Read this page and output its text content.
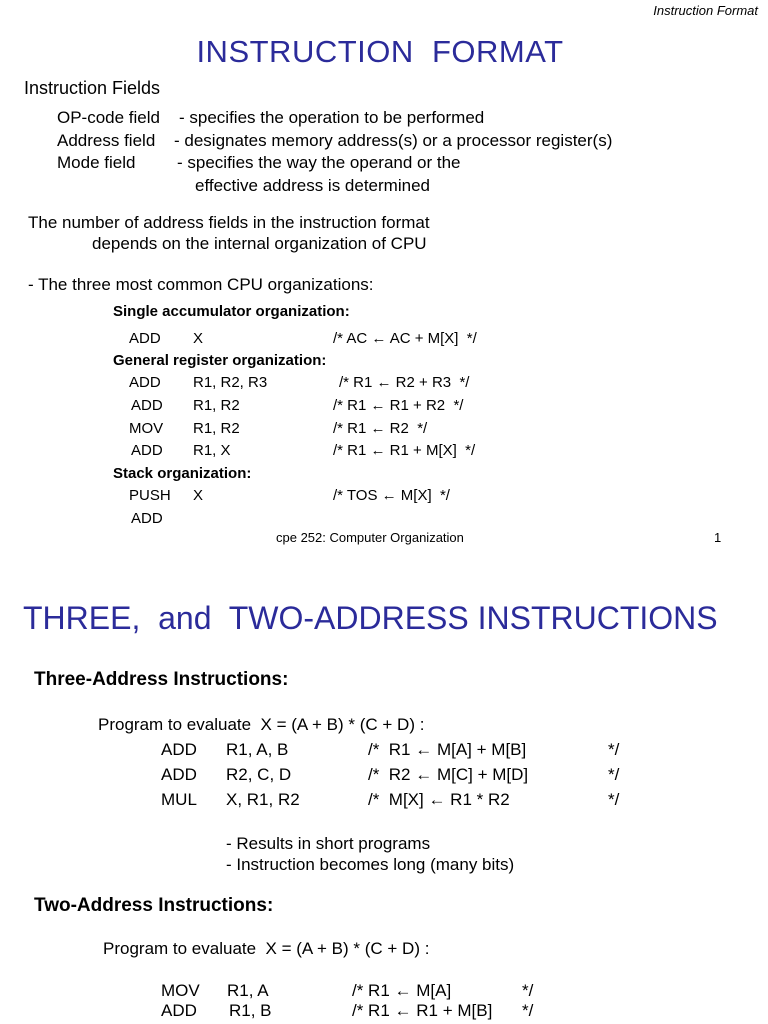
Instruction Format
INSTRUCTION  FORMAT
Instruction Fields
OP-code field - specifies the operation to be performed
Address field - designates memory address(s) or a processor register(s)
Mode field - specifies the way the operand or the
effective address is determined
The number of address fields in the instruction format
depends on the internal organization of CPU
- The three most common CPU organizations:
Single accumulator organization:
ADD X	/* AC ← AC + M[X]  */
General register organization:
ADD R1, R2, R3	/* R1 ← R2 + R3  */
ADD R1, R2	/* R1 ← R1 + R2  */
MOV R1, R2	/* R1 ← R2  */
ADD R1, X	/* R1 ← R1 + M[X]  */
Stack organization:
PUSH X	/* TOS ← M[X]  */
ADD
cpe 252: Computer Organization	1
THREE,  and  TWO-ADDRESS INSTRUCTIONS
Three-Address Instructions:
Program to evaluate  X = (A + B) * (C + D) :
ADD R1, A, B	/*  R1 ← M[A] + M[B]	*/
ADD R2, C, D	/*  R2 ← M[C] + M[D]	*/
MUL X, R1, R2	/*  M[X] ← R1 * R2	*/
- Results in short programs
- Instruction becomes long (many bits)
Two-Address Instructions:
Program to evaluate  X = (A + B) * (C + D) :
MOV R1, A	/* R1 ← M[A]	*/
ADD R1, B	/* R1 ← R1 + M[B] */
